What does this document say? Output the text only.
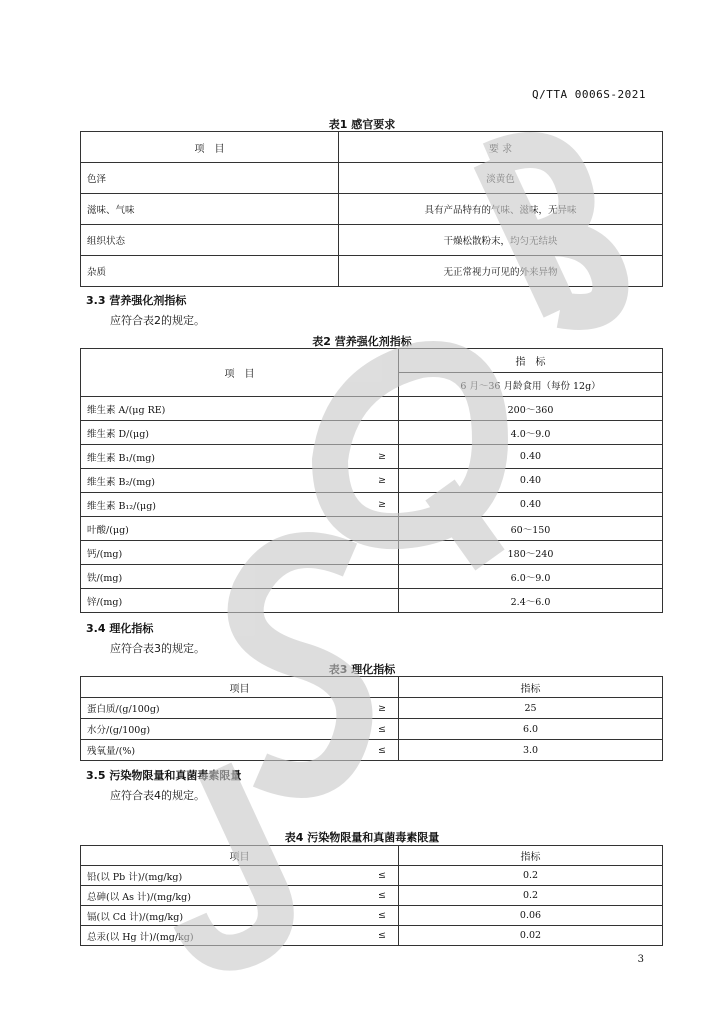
Q/TTA 0006S-2021
表1 感官要求
项　目	要 求
色泽	淡黄色
滋味、气味	具有产品特有的气味、滋味，无异味
组织状态	干燥松散粉末，均匀无结块
杂质	无正常视力可见的外来异物
3.3 营养强化剂指标
应符合表2的规定。
表2 营养强化剂指标
项　目		指　标
		6 月～36 月龄食用（每份 12g）
维生素 A/(μg RE)		200～360
维生素 D/(μg)		4.0～9.0
维生素 B₁/(mg)	≥	0.40
维生素 B₂/(mg)	≥	0.40
维生素 B₁₂/(μg)	≥	0.40
叶酸/(μg)		60～150
钙/(mg)		180～240
铁/(mg)		6.0～9.0
锌/(mg)		2.4～6.0
3.4 理化指标
应符合表3的规定。
表3 理化指标
项目		指标
蛋白质/(g/100g)	≥	25
水分/(g/100g)	≤	6.0
残氧量/(%)	≤	3.0
3.5 污染物限量和真菌毒素限量
应符合表4的规定。
表4 污染物限量和真菌毒素限量
项目		指标
铅(以 Pb 计)/(mg/kg)	≤	0.2
总砷(以 As 计)/(mg/kg)	≤	0.2
镉(以 Cd 计)/(mg/kg)	≤	0.06
总汞(以 Hg 计)/(mg/kg)	≤	0.02
3
